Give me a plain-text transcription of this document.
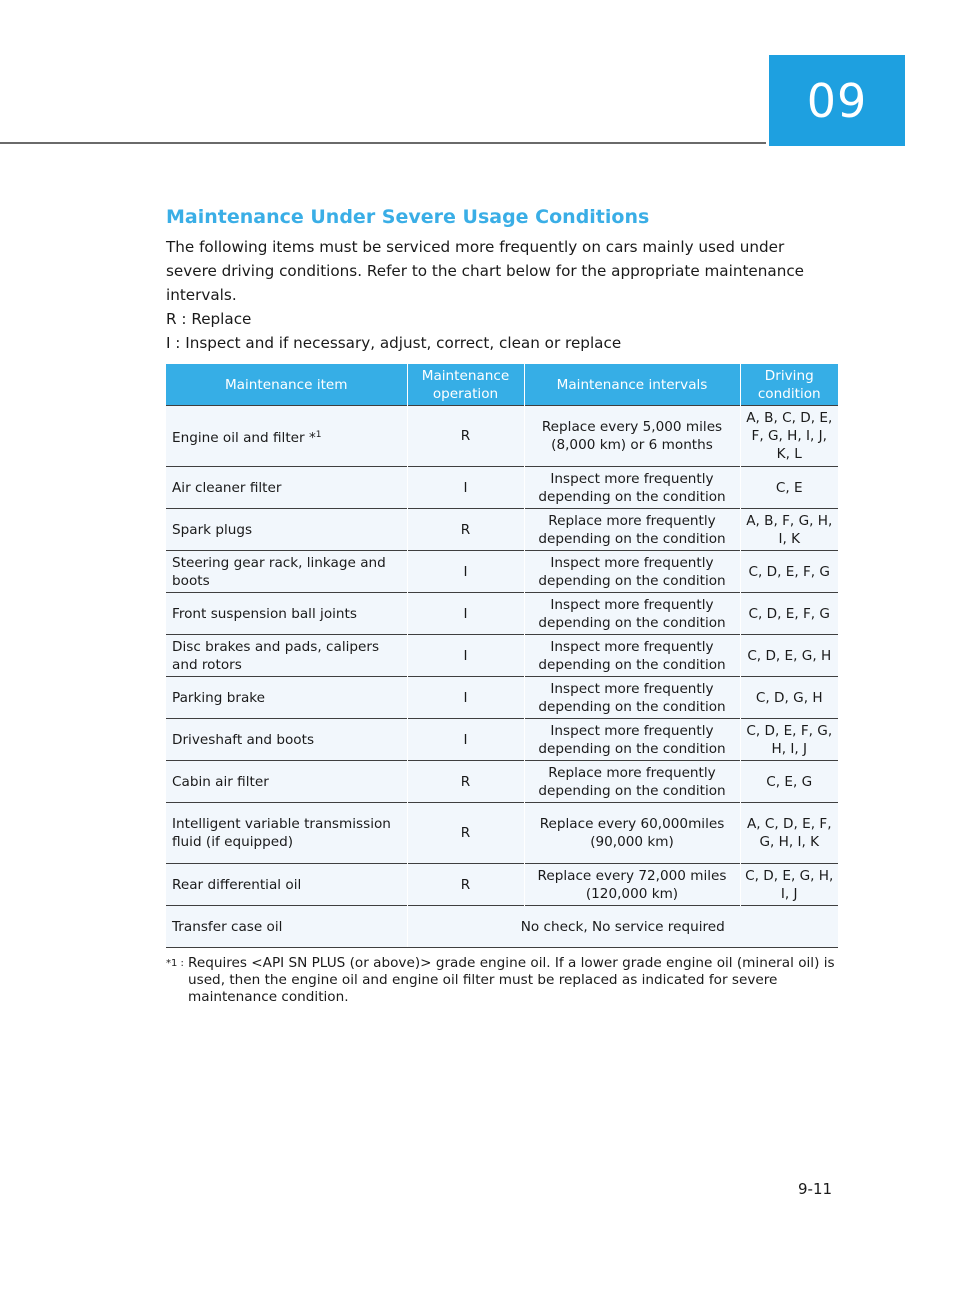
09
Maintenance Under Severe Usage Conditions

The following items must be serviced more frequently on cars mainly used under severe driving conditions. Refer to the chart below for the appropriate maintenance intervals.

R : Replace

I : Inspect and if necessary, adjust, correct, clean or replace

Maintenance item	Maintenance operation	Maintenance intervals	Driving condition
Engine oil and filter *$^1$	R	Replace every 5,000 miles (8,000 km) or 6 months	A, B, C, D, E, F, G, H, I, J, K, L
Air cleaner filter	I	Inspect more frequently depending on the condition	C, E
Spark plugs	R	Replace more frequently depending on the condition	A, B, F, G, H, I, K
Steering gear rack, linkage and boots	I	Inspect more frequently depending on the condition	C, D, E, F, G
Front suspension ball joints	I	Inspect more frequently depending on the condition	C, D, E, F, G
Disc brakes and pads, calipers and rotors	I	Inspect more frequently depending on the condition	C, D, E, G, H
Parking brake	I	Inspect more frequently depending on the condition	C, D, G, H
Driveshaft and boots	I	Inspect more frequently depending on the condition	C, D, E, F, G, H, I, J
Cabin air filter	R	Replace more frequently depending on the condition	C, E, G
Intelligent variable transmission fluid (if equipped)	R	Replace every 60,000miles (90,000 km)	A, C, D, E, F, G, H, I, K
Rear differential oil	R	Replace every 72,000 miles (120,000 km)	C, D, E, G, H, I, J
Transfer case oil	No check, No service required		
*1 : Requires <API SN PLUS (or above)> grade engine oil. If a lower grade engine oil (mineral oil) is used, then the engine oil and engine oil filter must be replaced as indicated for severe maintenance condition.
9-11
